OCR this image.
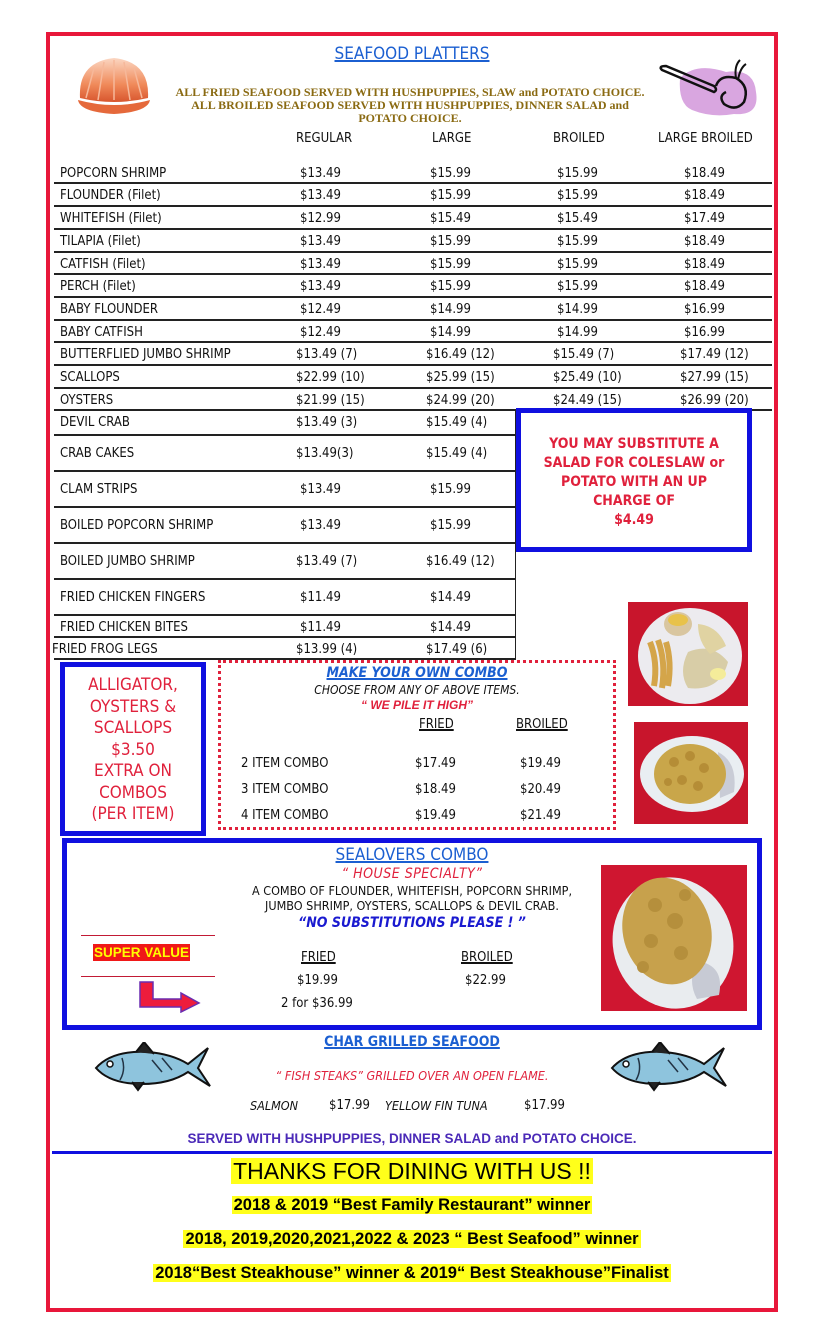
SEAFOOD PLATTERS
ALL FRIED SEAFOOD SERVED WITH HUSHPUPPIES, SLAW and POTATO CHOICE.
ALL BROILED SEAFOOD SERVED WITH HUSHPUPPIES, DINNER SALAD and
POTATO CHOICE.
REGULAR	LARGE	BROILED	LARGE BROILED
POPCORN SHRIMP	$13.49	$15.99	$15.99	$18.49
FLOUNDER (Filet)	$13.49	$15.99	$15.99	$18.49
WHITEFISH (Filet)	$12.99	$15.49	$15.49	$17.49
TILAPIA (Filet)	$13.49	$15.99	$15.99	$18.49
CATFISH (Filet)	$13.49	$15.99	$15.99	$18.49
PERCH (Filet)	$13.49	$15.99	$15.99	$18.49
BABY FLOUNDER	$12.49	$14.99	$14.99	$16.99
BABY CATFISH	$12.49	$14.99	$14.99	$16.99
BUTTERFLIED JUMBO SHRIMP	$13.49 (7)	$16.49 (12)	$15.49 (7)	$17.49 (12)
SCALLOPS	$22.99 (10)	$25.99 (15)	$25.49 (10)	$27.99 (15)
OYSTERS	$21.99 (15)	$24.99 (20)	$24.49 (15)	$26.99 (20)
DEVIL CRAB	$13.49 (3)	$15.49 (4)
CRAB CAKES	$13.49(3)	$15.49 (4)
CLAM STRIPS	$13.49	$15.99
BOILED POPCORN SHRIMP	$13.49	$15.99
BOILED JUMBO SHRIMP	$13.49 (7)	$16.49 (12)
FRIED CHICKEN FINGERS	$11.49	$14.49
FRIED CHICKEN BITES	$11.49	$14.49
FRIED FROG LEGS	$13.99 (4)	$17.49 (6)
YOU MAY SUBSTITUTE A
SALAD FOR COLESLAW or
POTATO WITH AN UP
CHARGE OF
$4.49
ALLIGATOR,
OYSTERS &
SCALLOPS
$3.50
EXTRA ON
COMBOS
(PER ITEM)
MAKE YOUR OWN COMBO
CHOOSE FROM ANY OF ABOVE ITEMS.
“ WE PILE IT HIGH”
FRIED	BROILED
2 ITEM COMBO	$17.49	$19.49
3 ITEM COMBO	$18.49	$20.49
4 ITEM COMBO	$19.49	$21.49
SEALOVERS COMBO
“ HOUSE SPECIALTY”
A COMBO OF FLOUNDER, WHITEFISH, POPCORN SHRIMP,
JUMBO SHRIMP, OYSTERS, SCALLOPS & DEVIL CRAB.
“NO SUBSTITUTIONS PLEASE ! ”
SUPER VALUE	FRIED	BROILED
$19.99	$22.99
2 for $36.99
CHAR GRILLED SEAFOOD
“ FISH STEAKS” GRILLED OVER AN OPEN FLAME.
SALMON $17.99 YELLOW FIN TUNA	$17.99
SERVED WITH HUSHPUPPIES, DINNER SALAD and POTATO CHOICE.
THANKS FOR DINING WITH US !!
2018 & 2019 “Best Family Restaurant” winner
2018, 2019,2020,2021,2022 & 2023 “ Best Seafood” winner
2018“Best Steakhouse” winner & 2019“ Best Steakhouse”Finalist
